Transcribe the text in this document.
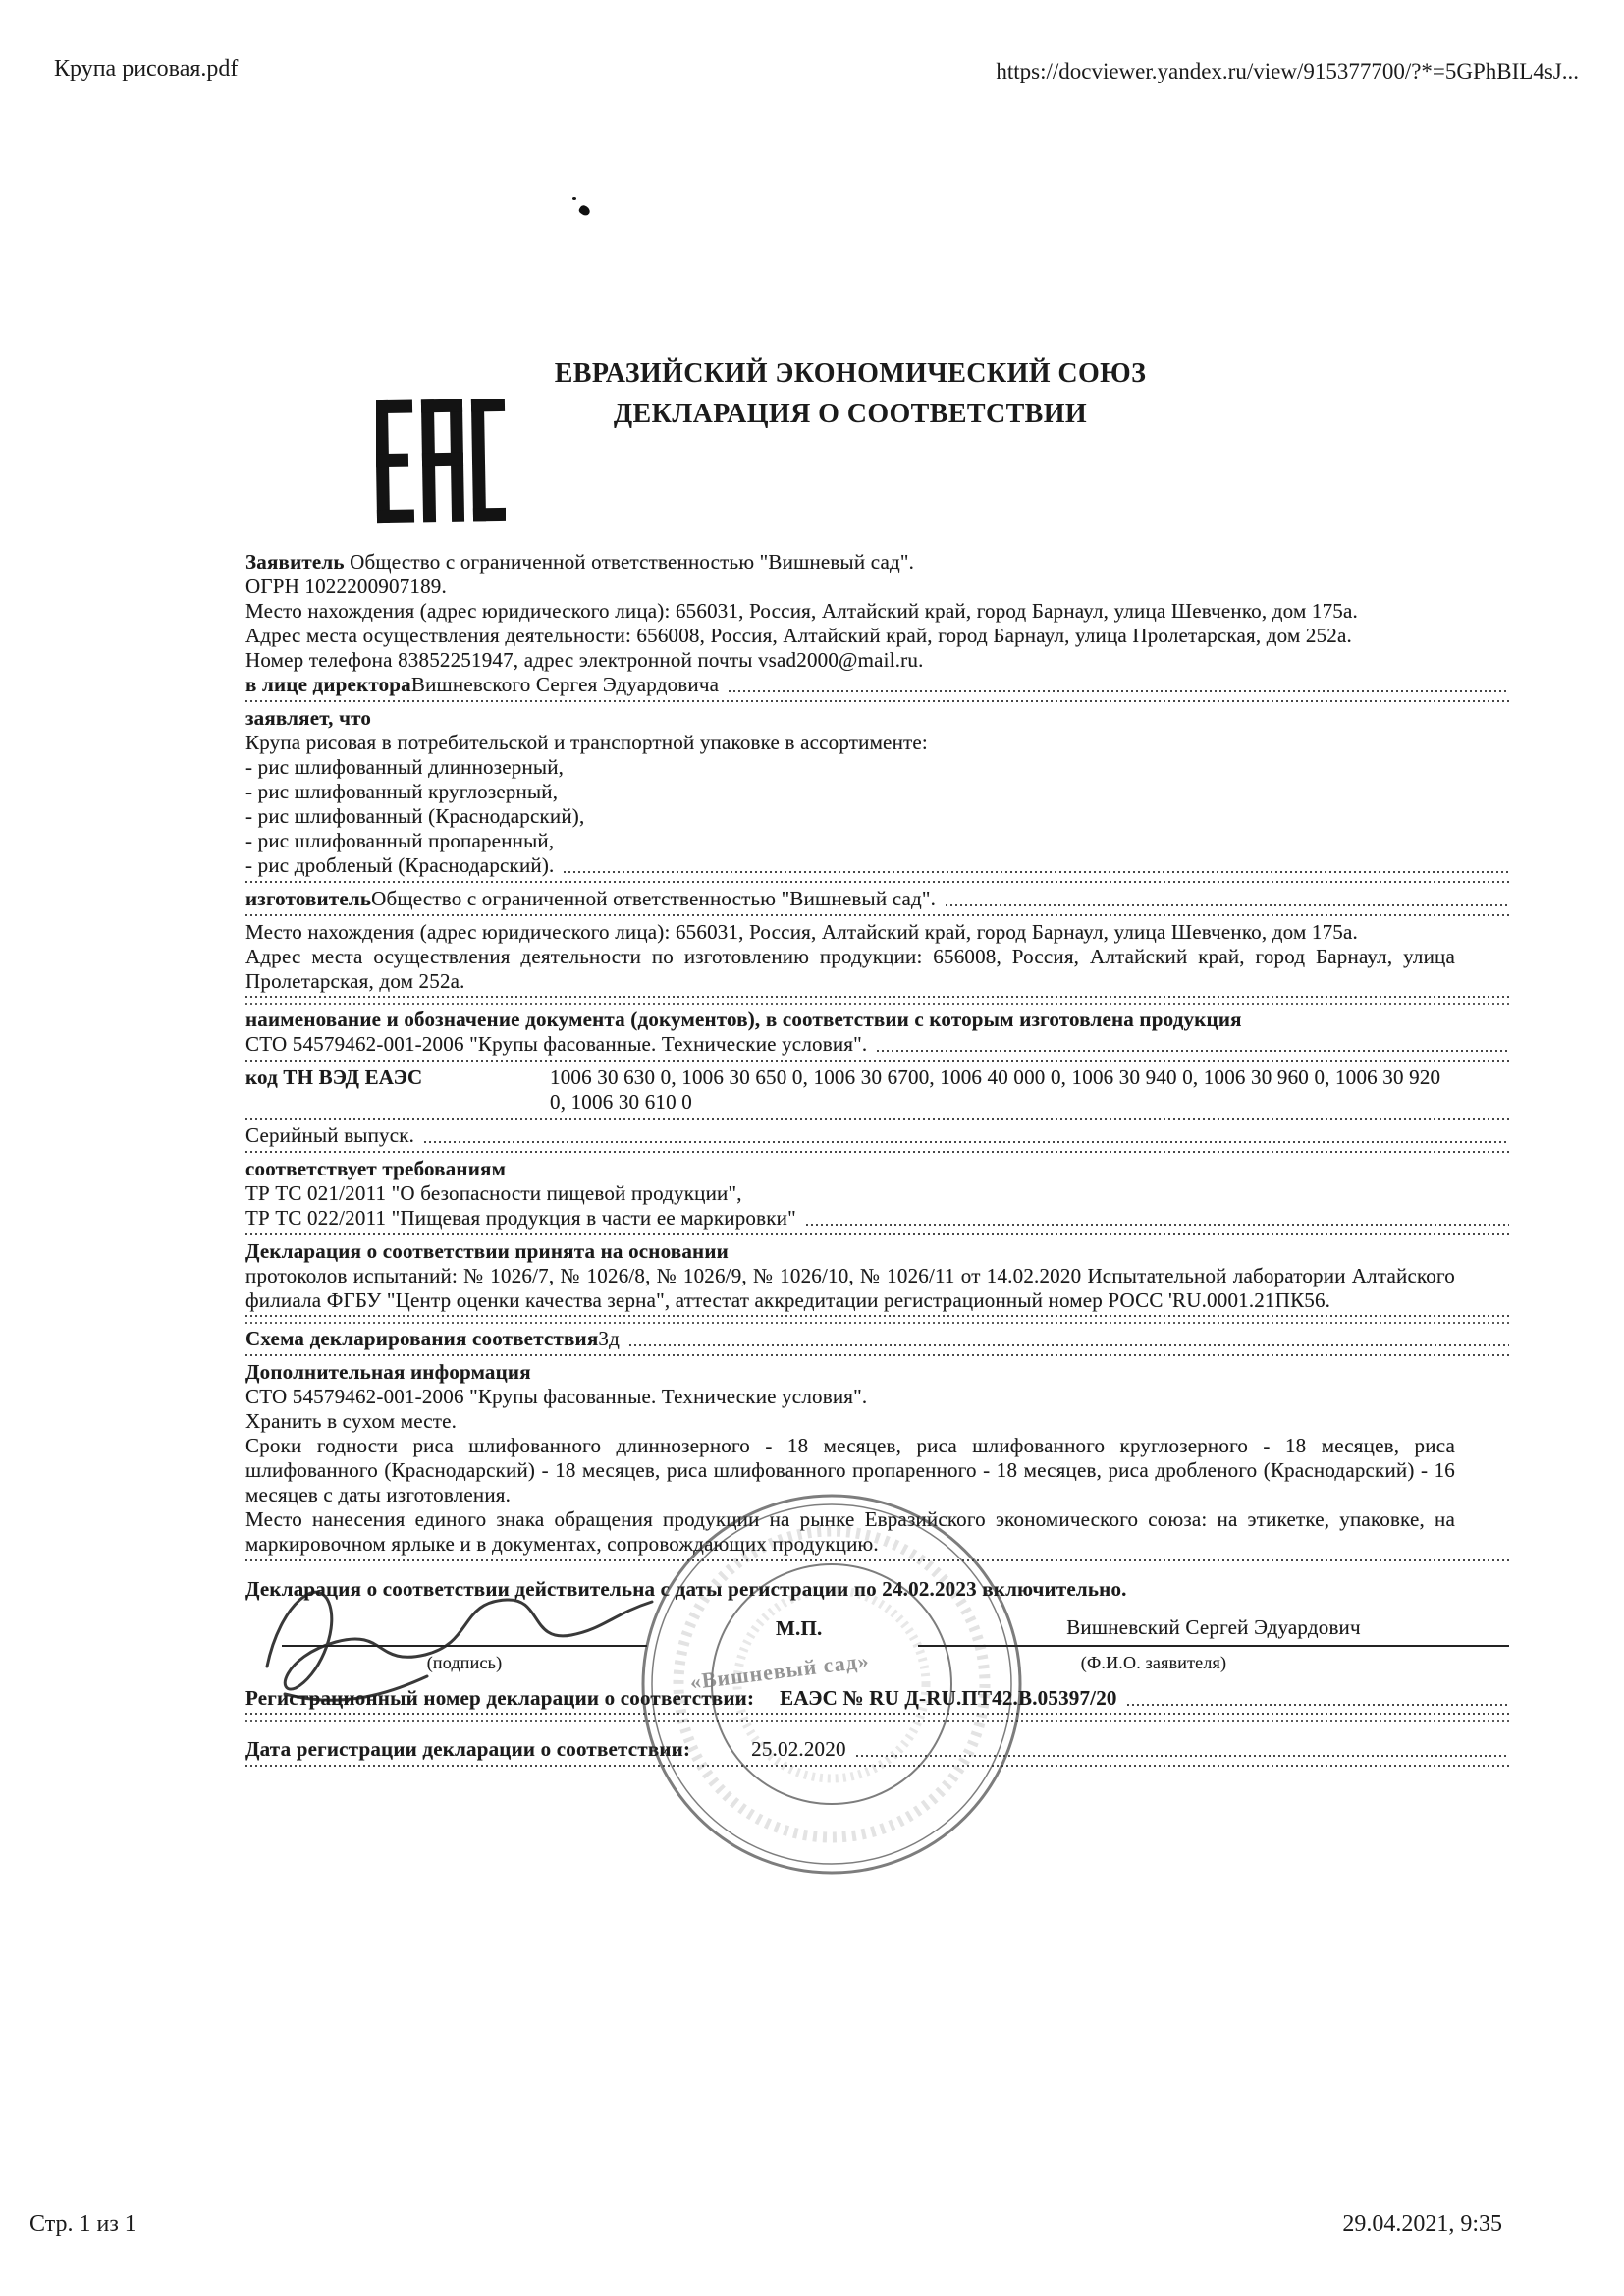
Крупа рисовая.pdf	https://docviewer.yandex.ru/view/915377700/?*=5GPhBIL4sJ...
ЕВРАЗИЙСКИЙ ЭКОНОМИЧЕСКИЙ СОЮЗ
ДЕКЛАРАЦИЯ О СООТВЕТСТВИИ

Заявитель Общество с ограниченной ответственностью "Вишневый сад".

ОГРН 1022200907189.

Место нахождения (адрес юридического лица): 656031, Россия, Алтайский край, город Барнаул, улица Шевченко, дом 175а.

Адрес места осуществления деятельности: 656008, Россия, Алтайский край, город Барнаул, улица Пролетарская, дом 252а.

Номер телефона 83852251947, адрес электронной почты vsad2000@mail.ru.

в лице директора Вишневского Сергея Эдуардовича

заявляет, что

Крупа рисовая в потребительской и транспортной упаковке в ассортименте:

- рис шлифованный длиннозерный,

- рис шлифованный круглозерный,

- рис шлифованный (Краснодарский),

- рис шлифованный пропаренный,

- рис дробленый (Краснодарский).

изготовитель Общество с ограниченной ответственностью "Вишневый сад".

Место нахождения (адрес юридического лица): 656031, Россия, Алтайский край, город Барнаул, улица Шевченко, дом 175а.

Адрес места осуществления деятельности по изготовлению продукции: 656008, Россия, Алтайский край, город Барнаул, улица Пролетарская, дом 252а.

наименование и обозначение документа (документов), в соответствии с которым изготовлена продукция

СТО 54579462-001-2006 "Крупы фасованные. Технические условия".

код ТН ВЭД ЕАЭС	1006 30 630 0, 1006 30 650 0, 1006 30 6700, 1006 40 000 0, 1006 30 940 0, 1006 30 960 0, 1006 30 920 0, 1006 30 610 0

Серийный выпуск.

соответствует требованиям

ТР ТС 021/2011 "О безопасности пищевой продукции",

ТР ТС 022/2011 "Пищевая продукция в части ее маркировки"

Декларация о соответствии принята на основании

протоколов испытаний: № 1026/7, № 1026/8, № 1026/9, № 1026/10, № 1026/11 от 14.02.2020 Испытательной лаборатории Алтайского филиала ФГБУ "Центр оценки качества зерна", аттестат аккредитации регистрационный номер РОСС 'RU.0001.21ПК56.

Схема декларирования соответствия 3д

Дополнительная информация

СТО 54579462-001-2006 "Крупы фасованные. Технические условия".

Хранить в сухом месте.

Сроки годности риса шлифованного длиннозерного - 18 месяцев, риса шлифованного круглозерного - 18 месяцев, риса шлифованного (Краснодарский) - 18 месяцев, риса шлифованного пропаренного - 18 месяцев, риса дробленого (Краснодарский) - 16 месяцев с даты изготовления.

Место нанесения единого знака обращения продукции на рынке Евразийского экономического союза: на этикетке, упаковке, на маркировочном ярлыке и в документах, сопровождающих продукцию.

Декларация о соответствии действительна с даты регистрации по 24.02.2023 включительно.

(подпись)
М.П.	Вишневский Сергей Эдуардович
(Ф.И.О. заявителя)

Регистрационный номер декларации о соответствии: ЕАЭС № RU Д-RU.ПТ42.В.05397/20

Дата регистрации декларации о соответствии:	25.02.2020

«Вишневый сад»
Стр. 1 из 1	29.04.2021, 9:35
